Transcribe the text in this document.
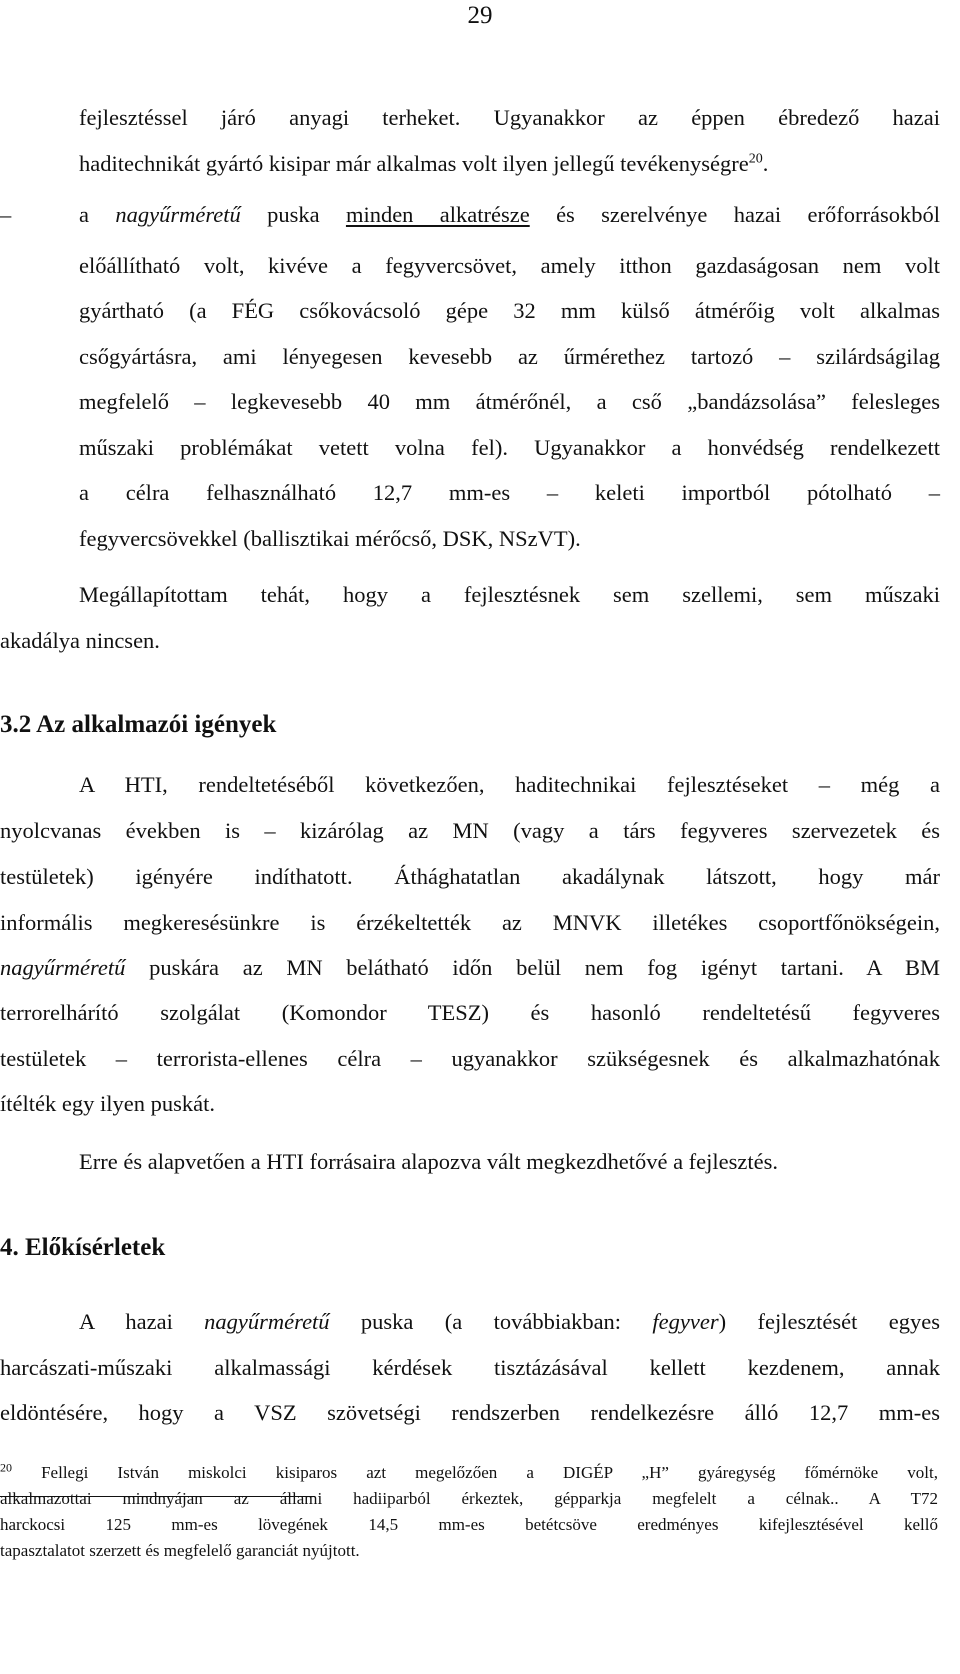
29
fejlesztéssel járó anyagi terheket. Ugyanakkor az éppen ébredező hazai
haditechnikát gyártó kisipar már alkalmas volt ilyen jellegű tevékenységre$^{20}$.
–	a nagyűrméretű puska minden alkatrésze és szerelvénye hazai erőforrásokból
előállítható volt, kivéve a fegyvercsövet, amely itthon gazdaságosan nem volt
gyártható (a FÉG csőkovácsoló gépe 32 mm külső átmérőig volt alkalmas
csőgyártásra, ami lényegesen kevesebb az űrmérethez tartozó – szilárdságilag
megfelelő – legkevesebb 40 mm átmérőnél, a cső „bandázsolása” felesleges
műszaki problémákat vetett volna fel). Ugyanakkor a honvédség rendelkezett
a célra felhasználható 12,7 mm-es – keleti importból pótolható –
fegyvercsövekkel (ballisztikai mérőcső, DSK, NSzVT).
Megállapítottam tehát, hogy a fejlesztésnek sem szellemi, sem műszaki
akadálya nincsen.
3.2 Az alkalmazói igények
A HTI, rendeltetéséből következően, haditechnikai fejlesztéseket – még a
nyolcvanas években is – kizárólag az MN (vagy a társ fegyveres szervezetek és
testületek) igényére indíthatott. Áthághatatlan akadálynak látszott, hogy már
informális megkeresésünkre is érzékeltették az MNVK illetékes csoportfőnökségein,
nagyűrméretű puskára az MN belátható időn belül nem fog igényt tartani. A BM
terrorelhárító szolgálat (Komondor TESZ) és hasonló rendeltetésű fegyveres
testületek – terrorista-ellenes célra – ugyanakkor szükségesnek és alkalmazhatónak
ítélték egy ilyen puskát.
Erre és alapvetően a HTI forrásaira alapozva vált megkezdhetővé a fejlesztés.
4. Előkísérletek
A hazai nagyűrméretű puska (a továbbiakban: fegyver) fejlesztését egyes
harcászati-műszaki alkalmassági kérdések tisztázásával kellett kezdenem, annak
eldöntésére, hogy a VSZ szövetségi rendszerben rendelkezésre álló 12,7 mm-es
$^{20}$ Fellegi István miskolci kisiparos azt megelőzően a DIGÉP „H” gyáregység főmérnöke volt,
alkalmazottai mindnyájan az állami hadiiparból érkeztek, gépparkja megfelelt a célnak.. A T72
harckocsi 125 mm-es lövegének 14,5 mm-es betétcsöve eredményes kifejlesztésével kellő
tapasztalatot szerzett és megfelelő garanciát nyújtott.
